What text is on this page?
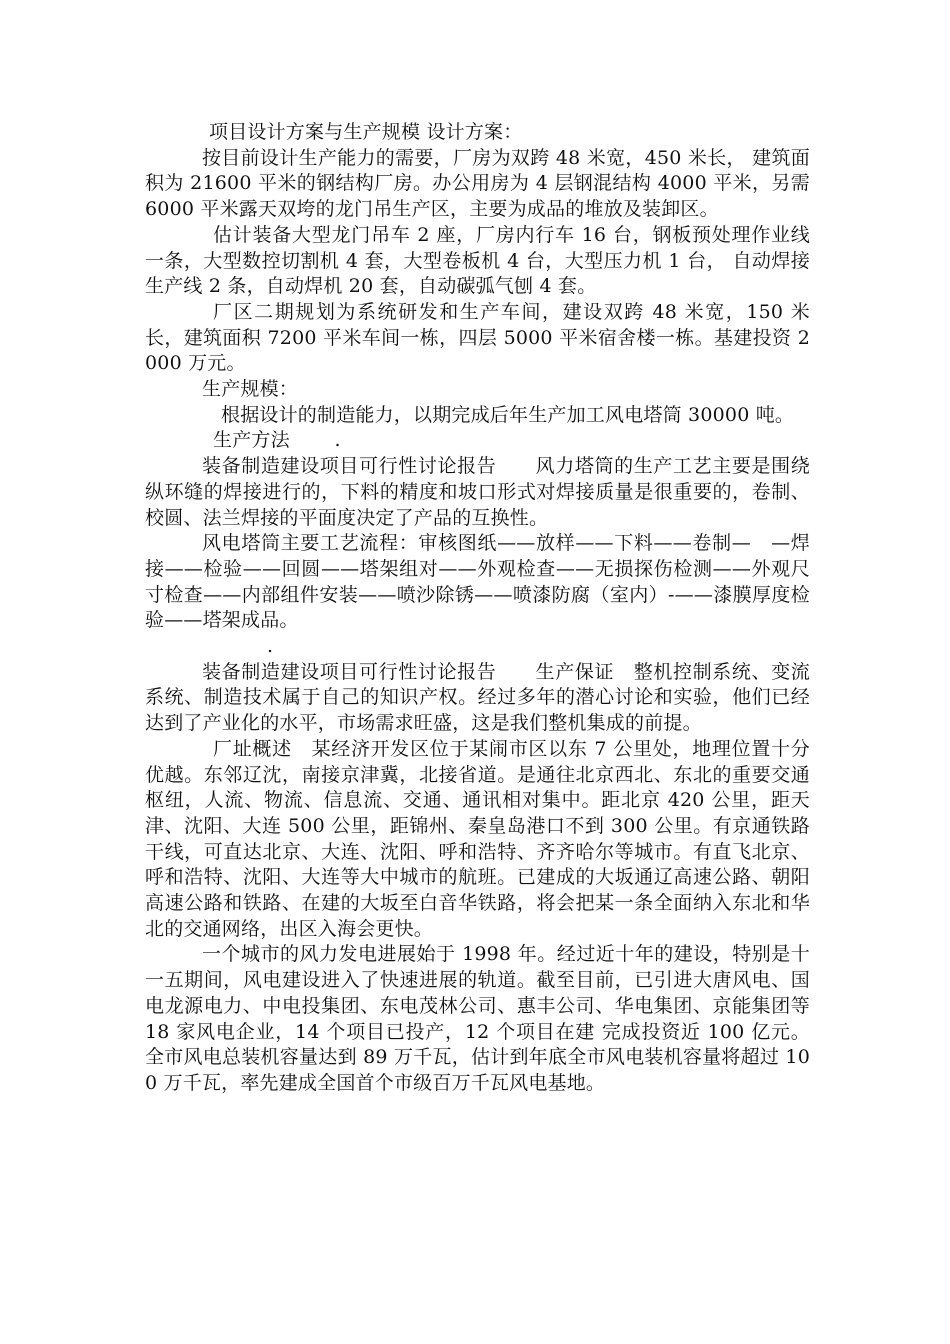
项目设计方案与生产规模 设计方案：

按目前设计生产能力的需要，厂房为双跨 48 米宽，450 米长， 建筑面积为 21600 平米的钢结构厂房。办公用房为 4 层钢混结构 4000 平米，另需 6000 平米露天双垮的龙门吊生产区，主要为成品的堆放及装卸区。

估计装备大型龙门吊车 2 座，厂房内行车 16 台，钢板预处理作业线一条，大型数控切割机 4 套，大型卷板机 4 台，大型压力机 1 台， 自动焊接生产线 2 条，自动焊机 20 套，自动碳弧气刨 4 套。

厂区二期规划为系统研发和生产车间，建设双跨 48 米宽，150 米长，建筑面积 7200 平米车间一栋，四层 5000 平米宿舍楼一栋。基建投资 2000 万元。

生产规模：

根据设计的制造能力，以期完成后年生产加工风电塔筒 30000 吨。

生产方法　　 .

装备制造建设项目可行性讨论报告　　风力塔筒的生产工艺主要是围绕纵环缝的焊接进行的，下料的精度和坡口形式对焊接质量是很重要的，卷制、校圆、法兰焊接的平面度决定了产品的互换性。

风电塔筒主要工艺流程：审核图纸——放样——下料——卷制—　—焊接——检验——回圆——塔架组对——外观检查——无损探伤检测——外观尺寸检查——内部组件安装——喷沙除锈——喷漆防腐（室内）-——漆膜厚度检验——塔架成品。

.

装备制造建设项目可行性讨论报告　　生产保证　整机控制系统、变流系统、制造技术属于自己的知识产权。经过多年的潜心讨论和实验，他们已经达到了产业化的水平，市场需求旺盛，这是我们整机集成的前提。

厂址概述　某经济开发区位于某闹市区以东 7 公里处，地理位置十分优越。东邻辽沈，南接京津冀，北接省道。是通往北京西北、东北的重要交通枢纽，人流、物流、信息流、交通、通讯相对集中。距北京 420 公里，距天津、沈阳、大连 500 公里，距锦州、秦皇岛港口不到 300 公里。有京通铁路干线，可直达北京、大连、沈阳、呼和浩特、齐齐哈尔等城市。有直飞北京、呼和浩特、沈阳、大连等大中城市的航班。已建成的大坂通辽高速公路、朝阳高速公路和铁路、在建的大坂至白音华铁路，将会把某一条全面纳入东北和华北的交通网络，出区入海会更快。

一个城市的风力发电进展始于 1998 年。经过近十年的建设，特别是十一五期间，风电建设进入了快速进展的轨道。截至目前，已引进大唐风电、国电龙源电力、中电投集团、东电茂林公司、惠丰公司、华电集团、京能集团等 18 家风电企业，14 个项目已投产，12 个项目在建 完成投资近 100 亿元。全市风电总装机容量达到 89 万千瓦，估计到年底全市风电装机容量将超过 100 万千瓦，率先建成全国首个市级百万千瓦风电基地。
